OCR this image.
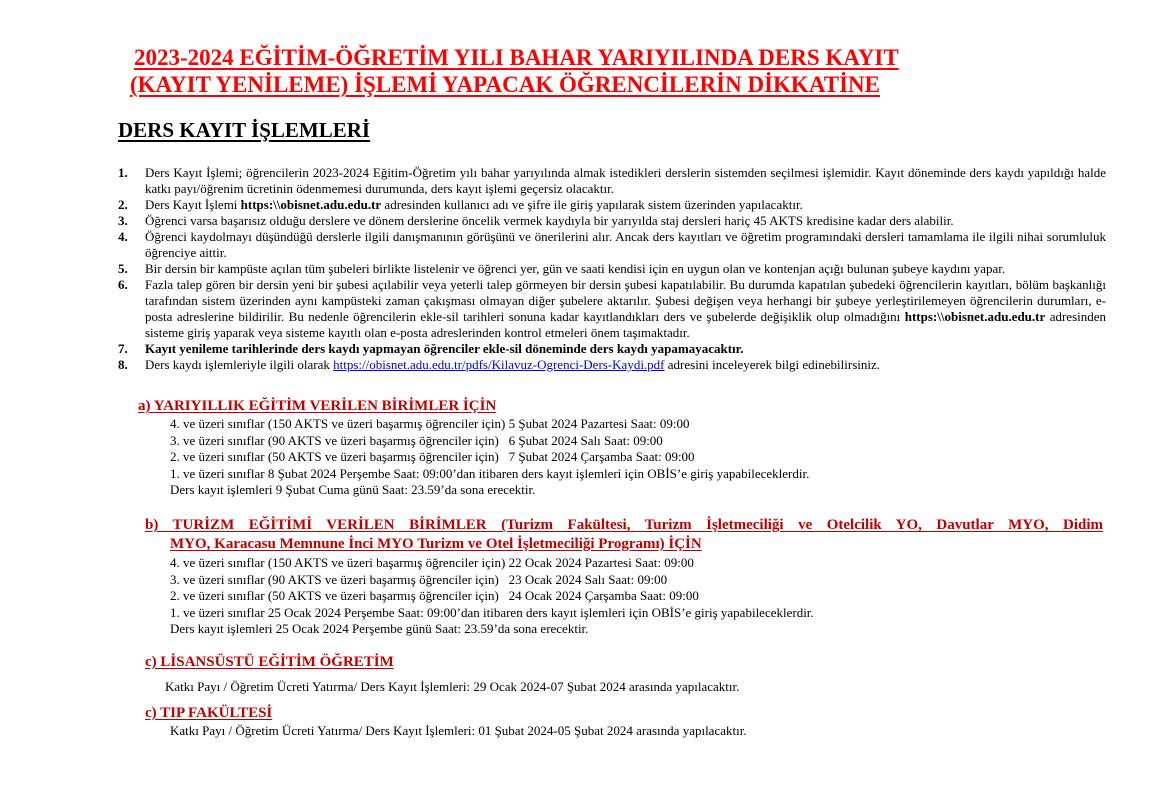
2023-2024 EĞİTİM-ÖĞRETİM YILI BAHAR YARIYILINDA DERS KAYIT
(KAYIT YENİLEME) İŞLEMİ YAPACAK ÖĞRENCİLERİN DİKKATİNE
DERS KAYIT İŞLEMLERİ
1. Ders Kayıt İşlemi; öğrencilerin 2023-2024 Eğitim-Öğretim yılı bahar yarıyılında almak istedikleri derslerin sistemden seçilmesi işlemidir. Kayıt döneminde ders kaydı yapıldığı halde katkı payı/öğrenim ücretinin ödenmemesi durumunda, ders kayıt işlemi geçersiz olacaktır.
2. Ders Kayıt İşlemi https:\\obisnet.adu.edu.tr adresinden kullanıcı adı ve şifre ile giriş yapılarak sistem üzerinden yapılacaktır.
3. Öğrenci varsa başarısız olduğu derslere ve dönem derslerine öncelik vermek kaydıyla bir yarıyılda staj dersleri hariç 45 AKTS kredisine kadar ders alabilir.
4. Öğrenci kaydolmayı düşündüğü derslerle ilgili danışmanının görüşünü ve önerilerini alır. Ancak ders kayıtları ve öğretim programındaki dersleri tamamlama ile ilgili nihai sorumluluk öğrenciye aittir.
5. Bir dersin bir kampüste açılan tüm şubeleri birlikte listelenir ve öğrenci yer, gün ve saati kendisi için en uygun olan ve kontenjan açığı bulunan şubeye kaydını yapar.
6. Fazla talep gören bir dersin yeni bir şubesi açılabilir veya yeterli talep görmeyen bir dersin şubesi kapatılabilir. Bu durumda kapatılan şubedeki öğrencilerin kayıtları, bölüm başkanlığı tarafından sistem üzerinden aynı kampüsteki zaman çakışması olmayan diğer şubelere aktarılır. Şubesi değişen veya herhangi bir şubeye yerleştirilemeyen öğrencilerin durumları, e-posta adreslerine bildirilir. Bu nedenle öğrencilerin ekle-sil tarihleri sonuna kadar kayıtlandıkları ders ve şubelerde değişiklik olup olmadığını https:\\obisnet.adu.edu.tr adresinden sisteme giriş yaparak veya sisteme kayıtlı olan e-posta adreslerinden kontrol etmeleri önem taşımaktadır.
7. Kayıt yenileme tarihlerinde ders kaydı yapmayan öğrenciler ekle-sil döneminde ders kaydı yapamayacaktır.
8. Ders kaydı işlemleriyle ilgili olarak https://obisnet.adu.edu.tr/pdfs/Kilavuz-Ogrenci-Ders-Kaydi.pdf adresini inceleyerek bilgi edinebilirsiniz.
a) YARIYILLIK EĞİTİM VERİLEN BİRİMLER İÇİN
4. ve üzeri sınıflar (150 AKTS ve üzeri başarmış öğrenciler için) 5 Şubat 2024 Pazartesi Saat: 09:00
3. ve üzeri sınıflar (90 AKTS ve üzeri başarmış öğrenciler için)   6 Şubat 2024 Salı Saat: 09:00
2. ve üzeri sınıflar (50 AKTS ve üzeri başarmış öğrenciler için)   7 Şubat 2024 Çarşamba Saat: 09:00
1. ve üzeri sınıflar 8 Şubat 2024 Perşembe Saat: 09:00’dan itibaren ders kayıt işlemleri için OBİS’e giriş yapabileceklerdir.
Ders kayıt işlemleri 9 Şubat Cuma günü Saat: 23.59’da sona erecektir.
b) TURİZM EĞİTİMİ VERİLEN BİRİMLER (Turizm Fakültesi, Turizm İşletmeciliği ve Otelcilik YO, Davutlar MYO, Didim
MYO, Karacasu Memnune İnci MYO Turizm ve Otel İşletmeciliği Programı) İÇİN
4. ve üzeri sınıflar (150 AKTS ve üzeri başarmış öğrenciler için) 22 Ocak 2024 Pazartesi Saat: 09:00
3. ve üzeri sınıflar (90 AKTS ve üzeri başarmış öğrenciler için)   23 Ocak 2024 Salı Saat: 09:00
2. ve üzeri sınıflar (50 AKTS ve üzeri başarmış öğrenciler için)   24 Ocak 2024 Çarşamba Saat: 09:00
1. ve üzeri sınıflar 25 Ocak 2024 Perşembe Saat: 09:00’dan itibaren ders kayıt işlemleri için OBİS’e giriş yapabileceklerdir.
Ders kayıt işlemleri 25 Ocak 2024 Perşembe günü Saat: 23.59’da sona erecektir.
c) LİSANSÜSTÜ EĞİTİM ÖĞRETİM
Katkı Payı / Öğretim Ücreti Yatırma/ Ders Kayıt İşlemleri: 29 Ocak 2024-07 Şubat 2024 arasında yapılacaktır.
c) TIP FAKÜLTESİ
Katkı Payı / Öğretim Ücreti Yatırma/ Ders Kayıt İşlemleri: 01 Şubat 2024-05 Şubat 2024 arasında yapılacaktır.
